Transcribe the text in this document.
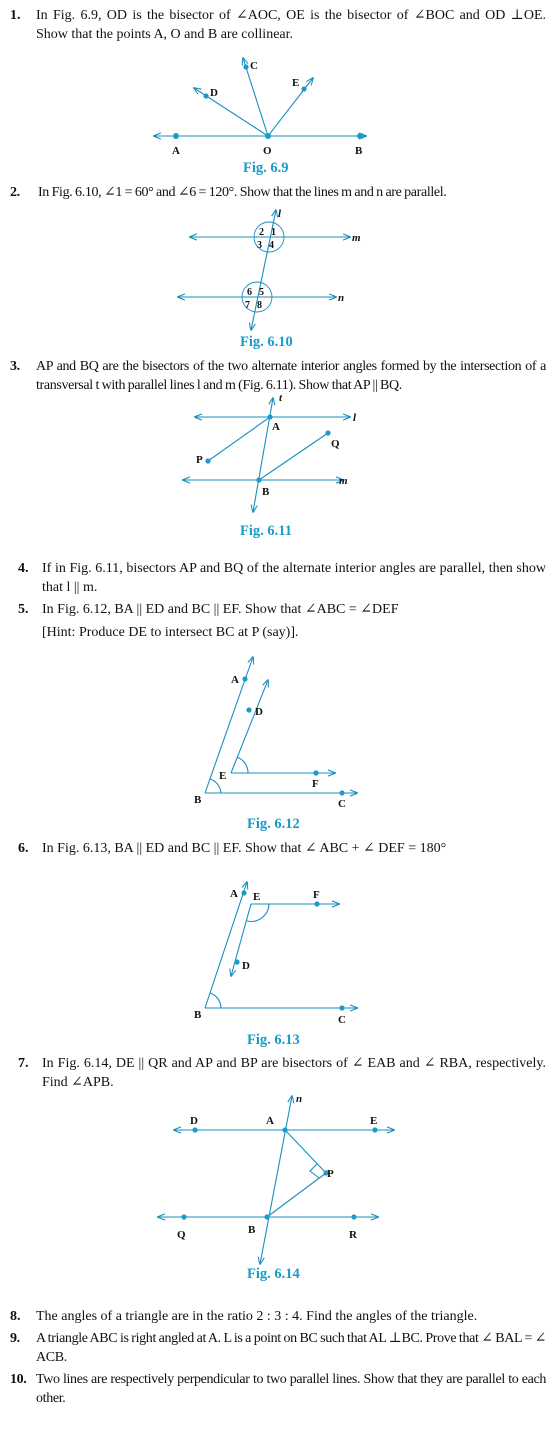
1. In Fig. 6.9, OD is the bisector of ∠AOC, OE is the bisector of ∠BOC and OD ⊥OE. Show that the points A, O and B are collinear.
A	O	B
C
D
E
Fig. 6.9
2. In Fig. 6.10, ∠1 = 60° and ∠6 = 120°. Show that the lines m and n are parallel.
2 1
3 4
6 5
7 8
l
m
n
Fig. 6.10
3. AP and BQ are the bisectors of the two alternate interior angles formed by the intersection of a transversal t with parallel lines l and m (Fig. 6.11). Show that AP || BQ.
t
l
m
A
B
P
Q
Fig. 6.11
4. If in Fig. 6.11, bisectors AP and BQ of the alternate interior angles are parallel, then show that l || m.
5. In Fig. 6.12, BA || ED and BC || EF. Show that ∠ABC = ∠DEF
[Hint: Produce DE to intersect BC at P (say)].
A
D
E
F
B	C
Fig. 6.12
6. In Fig. 6.13, BA || ED and BC || EF. Show that ∠ ABC + ∠ DEF = 180°
A E	F
D
B	C
Fig. 6.13
7. In Fig. 6.14, DE || QR and AP and BP are bisectors of ∠ EAB and ∠ RBA, respectively. Find ∠APB.
n
D	A	E
P
Q	B	R
Fig. 6.14
8. The angles of a triangle are in the ratio 2 : 3 : 4. Find the angles of the triangle.
9. A triangle ABC is right angled at A. L is a point on BC such that AL ⊥BC. Prove that ∠ BAL = ∠ ACB.
10. Two lines are respectively perpendicular to two parallel lines. Show that they are parallel to each other.
